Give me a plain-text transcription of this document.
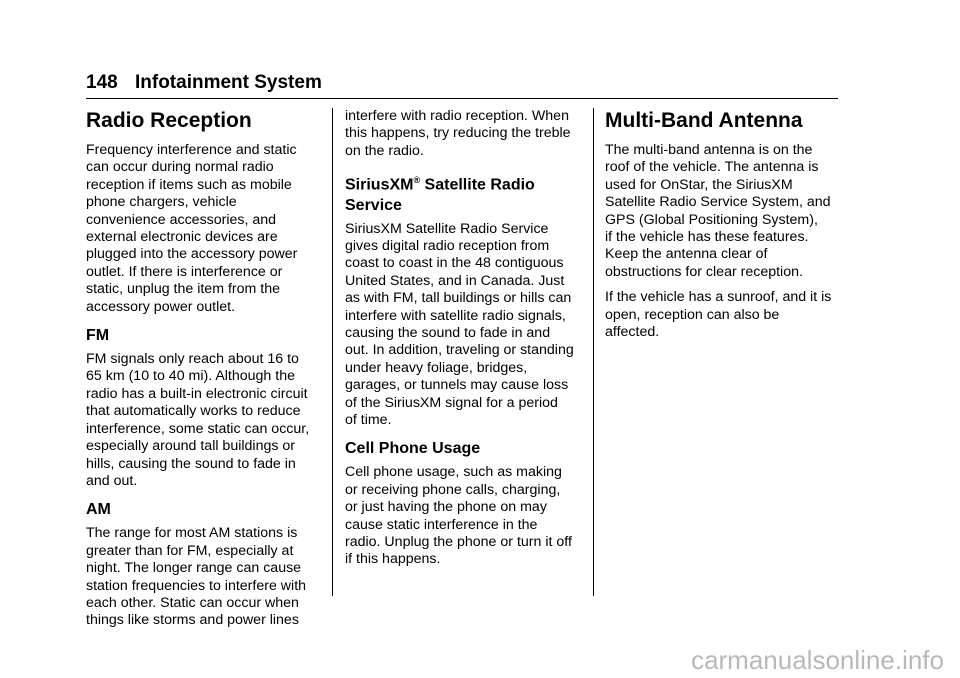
148 Infotainment System
Radio Reception

Frequency interference and static
can occur during normal radio
reception if items such as mobile
phone chargers, vehicle
convenience accessories, and
external electronic devices are
plugged into the accessory power
outlet. If there is interference or
static, unplug the item from the
accessory power outlet.

FM

FM signals only reach about 16 to
65 km (10 to 40 mi). Although the
radio has a built-in electronic circuit
that automatically works to reduce
interference, some static can occur,
especially around tall buildings or
hills, causing the sound to fade in
and out.

AM

The range for most AM stations is
greater than for FM, especially at
night. The longer range can cause
station frequencies to interfere with
each other. Static can occur when
things like storms and power lines

interfere with radio reception. When
this happens, try reducing the treble
on the radio.

SiriusXM® Satellite Radio
Service

SiriusXM Satellite Radio Service
gives digital radio reception from
coast to coast in the 48 contiguous
United States, and in Canada. Just
as with FM, tall buildings or hills can
interfere with satellite radio signals,
causing the sound to fade in and
out. In addition, traveling or standing
under heavy foliage, bridges,
garages, or tunnels may cause loss
of the SiriusXM signal for a period
of time.

Cell Phone Usage

Cell phone usage, such as making
or receiving phone calls, charging,
or just having the phone on may
cause static interference in the
radio. Unplug the phone or turn it off
if this happens.

Multi-Band Antenna

The multi-band antenna is on the
roof of the vehicle. The antenna is
used for OnStar, the SiriusXM
Satellite Radio Service System, and
GPS (Global Positioning System),
if the vehicle has these features.
Keep the antenna clear of
obstructions for clear reception.

If the vehicle has a sunroof, and it is
open, reception can also be
affected.

carmanualsonline.info
